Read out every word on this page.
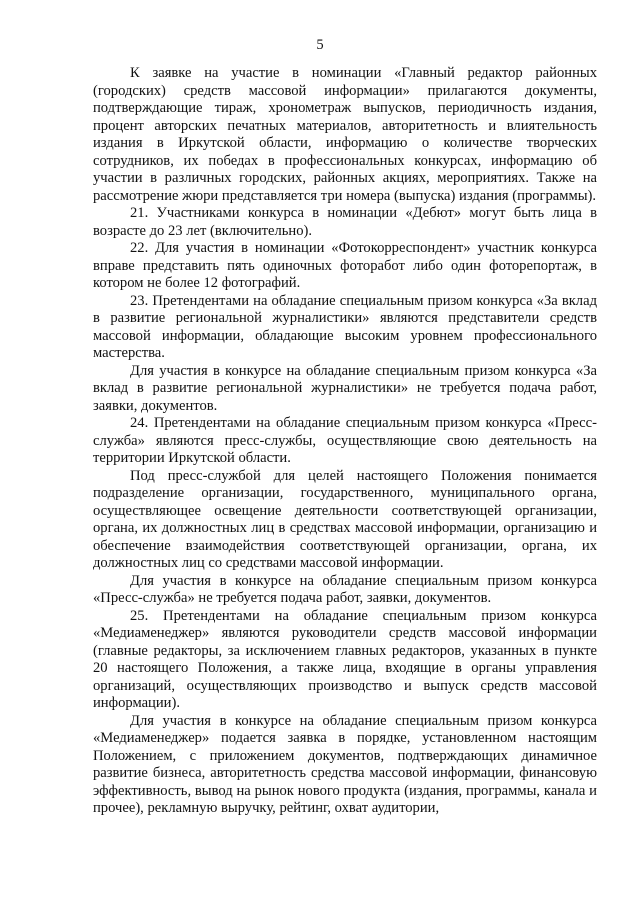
5

К заявке на участие в номинации «Главный редактор районных (городских) средств массовой информации» прилагаются документы, подтверждающие тираж, хронометраж выпусков, периодичность издания, процент авторских печатных материалов, авторитетность и влиятельность издания в Иркутской области, информацию о количестве творческих сотрудников, их победах в профессиональных конкурсах, информацию об участии в различных городских, районных акциях, мероприятиях. Также на рассмотрение жюри представляется три номера (выпуска) издания (программы).

21. Участниками конкурса в номинации «Дебют» могут быть лица в возрасте до 23 лет (включительно).

22. Для участия в номинации «Фотокорреспондент» участник конкурса вправе представить пять одиночных фоторабот либо один фоторепортаж, в котором не более 12 фотографий.

23. Претендентами на обладание специальным призом конкурса «За вклад в развитие региональной журналистики» являются представители средств массовой информации, обладающие высоким уровнем профессионального мастерства.

Для участия в конкурсе на обладание специальным призом конкурса «За вклад в развитие региональной журналистики» не требуется подача работ, заявки, документов.

24. Претендентами на обладание специальным призом конкурса «Пресс-служба» являются пресс-службы, осуществляющие свою деятельность на территории Иркутской области.

Под пресс-службой для целей настоящего Положения понимается подразделение организации, государственного, муниципального органа, осуществляющее освещение деятельности соответствующей организации, органа, их должностных лиц в средствах массовой информации, организацию и обеспечение взаимодействия соответствующей организации, органа, их должностных лиц со средствами массовой информации.

Для участия в конкурсе на обладание специальным призом конкурса «Пресс-служба» не требуется подача работ, заявки, документов.

25. Претендентами на обладание специальным призом конкурса «Медиаменеджер» являются руководители средств массовой информации (главные редакторы, за исключением главных редакторов, указанных в пункте 20 настоящего Положения, а также лица, входящие в органы управления организаций, осуществляющих производство и выпуск средств массовой информации).

Для участия в конкурсе на обладание специальным призом конкурса «Медиаменеджер» подается заявка в порядке, установленном настоящим Положением, с приложением документов, подтверждающих динамичное развитие бизнеса, авторитетность средства массовой информации, финансовую эффективность, вывод на рынок нового продукта (издания, программы, канала и прочее), рекламную выручку, рейтинг, охват аудитории,
